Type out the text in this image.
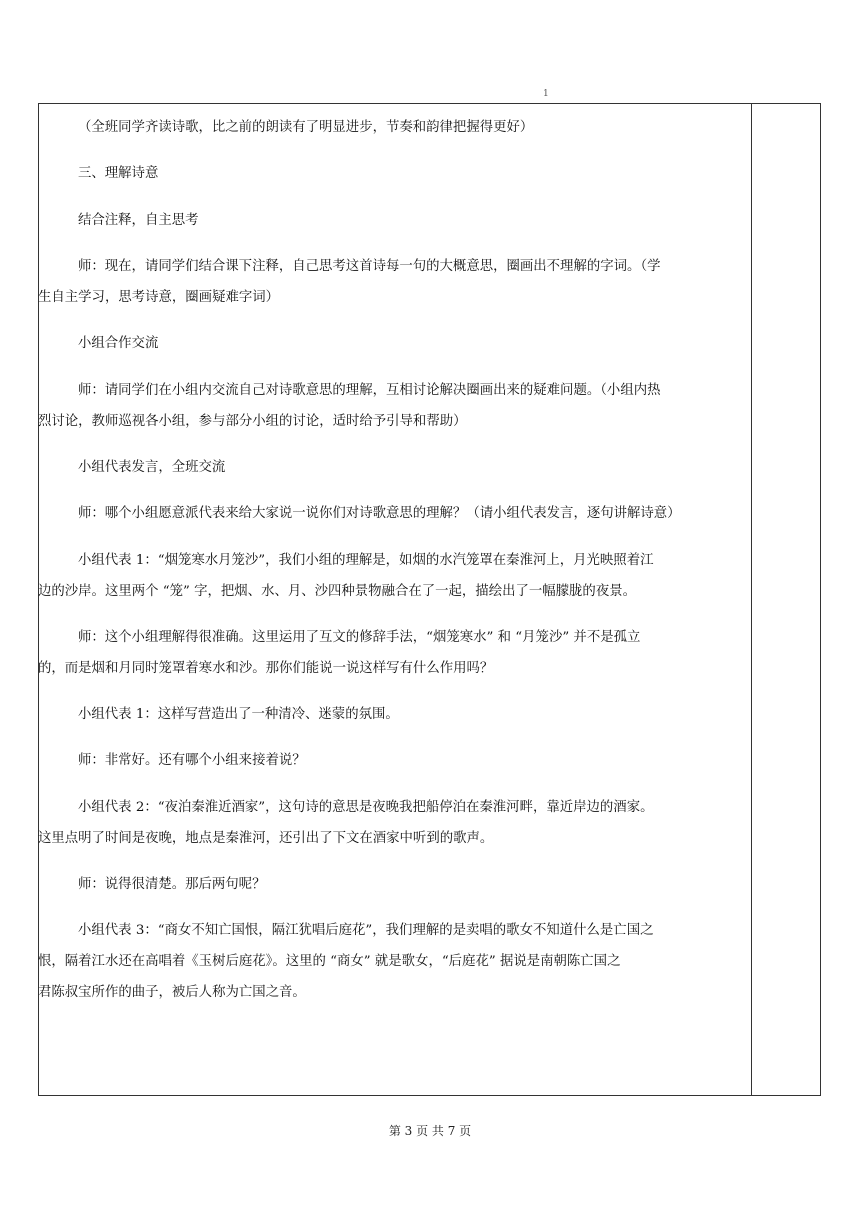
1
（全班同学齐读诗歌，比之前的朗读有了明显进步，节奏和韵律把握得更好）
三、理解诗意
结合注释，自主思考
师：现在，请同学们结合课下注释，自己思考这首诗每一句的大概意思，圈画出不理解的字词。（学
生自主学习，思考诗意，圈画疑难字词）
小组合作交流
师：请同学们在小组内交流自己对诗歌意思的理解，互相讨论解决圈画出来的疑难问题。（小组内热
烈讨论，教师巡视各小组，参与部分小组的讨论，适时给予引导和帮助）
小组代表发言，全班交流
师：哪个小组愿意派代表来给大家说一说你们对诗歌意思的理解？（请小组代表发言，逐句讲解诗意）
小组代表 1：“烟笼寒水月笼沙”，我们小组的理解是，如烟的水汽笼罩在秦淮河上，月光映照着江
边的沙岸。这里两个 “笼” 字，把烟、水、月、沙四种景物融合在了一起，描绘出了一幅朦胧的夜景。
师：这个小组理解得很准确。这里运用了互文的修辞手法，“烟笼寒水” 和 “月笼沙” 并不是孤立
的，而是烟和月同时笼罩着寒水和沙。那你们能说一说这样写有什么作用吗？
小组代表 1：这样写营造出了一种清冷、迷蒙的氛围。
师：非常好。还有哪个小组来接着说？
小组代表 2：“夜泊秦淮近酒家”，这句诗的意思是夜晚我把船停泊在秦淮河畔，靠近岸边的酒家。
这里点明了时间是夜晚，地点是秦淮河，还引出了下文在酒家中听到的歌声。
师：说得很清楚。那后两句呢？
小组代表 3：“商女不知亡国恨，隔江犹唱后庭花”，我们理解的是卖唱的歌女不知道什么是亡国之
恨，隔着江水还在高唱着《玉树后庭花》。这里的 “商女” 就是歌女，“后庭花” 据说是南朝陈亡国之
君陈叔宝所作的曲子，被后人称为亡国之音。
第 3 页 共 7 页
